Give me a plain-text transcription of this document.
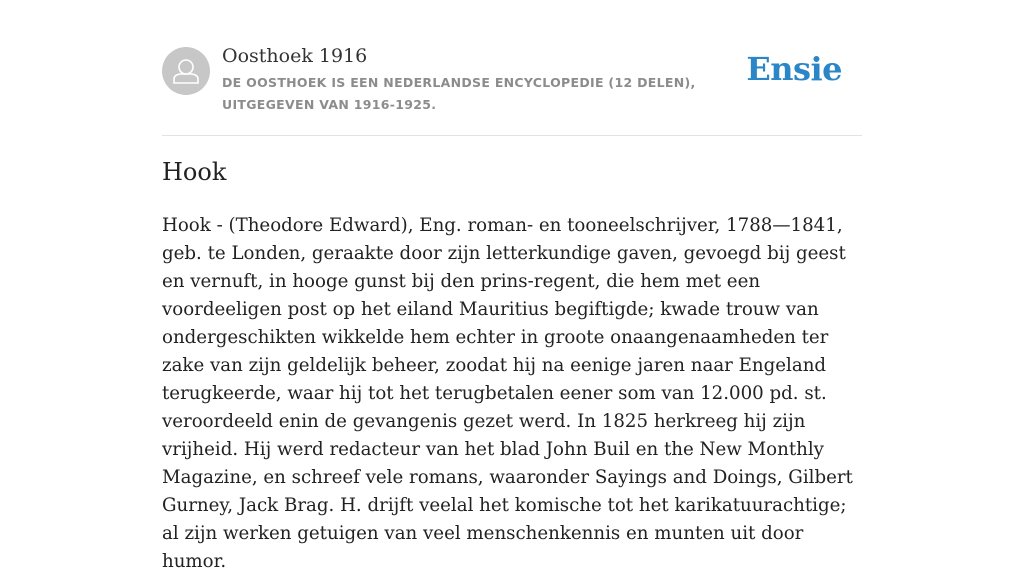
Oosthoek 1916

DE OOSTHOEK IS EEN NEDERLANDSE ENCYCLOPEDIE (12 DELEN), UITGEGEVEN VAN 1916-1925.

Ensie
Hook

Hook - (Theodore Edward), Eng. roman- en tooneelschrijver, 1788—1841, geb. te Londen, geraakte door zijn letterkundige gaven, gevoegd bij geest en vernuft, in hooge gunst bij den prins-regent, die hem met een voordeeligen post op het eiland Mauritius begiftigde; kwade trouw van ondergeschikten wikkelde hem echter in groote onaangenaamheden ter zake van zijn geldelijk beheer, zoodat hij na eenige jaren naar Engeland terugkeerde, waar hij tot het terugbetalen eener som van 12.000 pd. st. veroordeeld enin de gevangenis gezet werd. In 1825 herkreeg hij zijn vrijheid. Hij werd redacteur van het blad John Buil en the New Monthly Magazine, en schreef vele romans, waaronder Sayings and Doings, Gilbert Gurney, Jack Brag. H. drijft veelal het komische tot het karikatuurachtige; al zijn werken getuigen van veel menschenkennis en munten uit door humor.
